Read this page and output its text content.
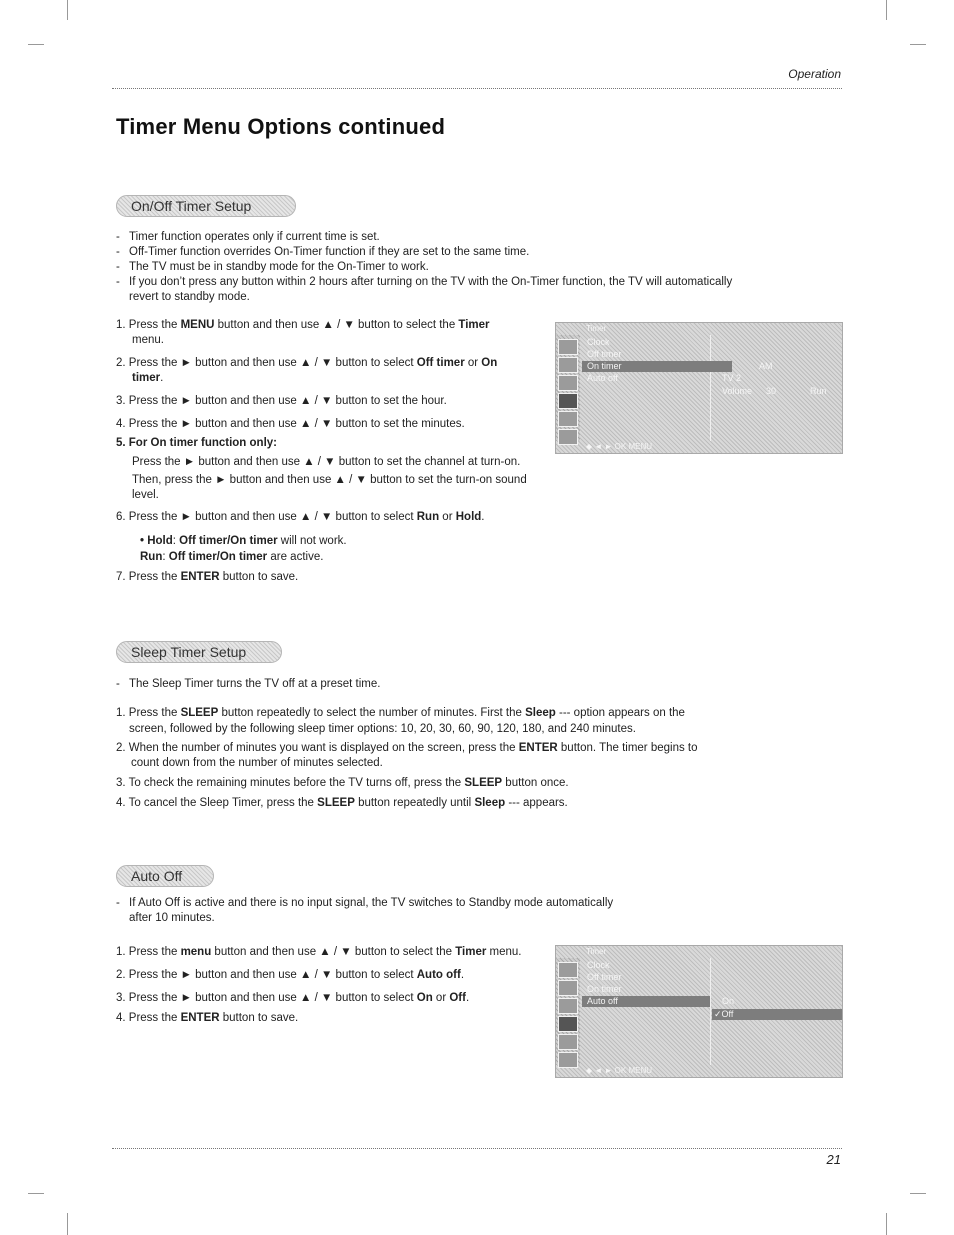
Operation
Timer Menu Options continued
On/Off Timer Setup
- Timer function operates only if current time is set.
- Off-Timer function overrides On-Timer function if they are set to the same time.
- The TV must be in standby mode for the On-Timer to work.
- If you don’t press any button within 2 hours after turning on the TV with the On-Timer function, the TV will automatically
revert to standby mode.
1. Press the MENU button and then use ▲ / ▼ button to select the Timer
menu.
2. Press the ► button and then use ▲ / ▼ button to select Off timer or On
timer.
3. Press the ► button and then use ▲ / ▼ button to set the hour.
4. Press the ► button and then use ▲ / ▼ button to set the minutes.
5. For On timer function only:
Press the ► button and then use ▲ / ▼ button to set the channel at turn-on.
Then, press the ► button and then use ▲ / ▼ button to set the turn-on sound
level.
6. Press the ► button and then use ▲ / ▼ button to select Run or Hold.
• Hold: Off timer/On timer will not work.
Run: Off timer/On timer are active.
7. Press the ENTER button to save.
Timer
Clock
Off timer
On timer
Auto off
AM
TV 2
Volume 30	Run
◆ ◄ ► OK MENU
Sleep Timer Setup
- The Sleep Timer turns the TV off at a preset time.
1. Press the SLEEP button repeatedly to select the number of minutes. First the Sleep --- option appears on the
screen, followed by the following sleep timer options: 10, 20, 30, 60, 90, 120, 180, and 240 minutes.
2. When the number of minutes you want is displayed on the screen, press the ENTER button. The timer begins to
count down from the number of minutes selected.
3. To check the remaining minutes before the TV turns off, press the SLEEP button once.
4. To cancel the Sleep Timer, press the SLEEP button repeatedly until Sleep --- appears.
Auto Off
- If Auto Off is active and there is no input signal, the TV switches to Standby mode automatically
after 10 minutes.
1. Press the menu button and then use ▲ / ▼ button to select the Timer menu.
2. Press the ► button and then use ▲ / ▼ button to select Auto off.
3. Press the ► button and then use ▲ / ▼ button to select On or Off.
4. Press the ENTER button to save.
Timer
Clock
Off timer
On timer
Auto off	On
✓Off
◆ ◄ ► OK MENU
21
